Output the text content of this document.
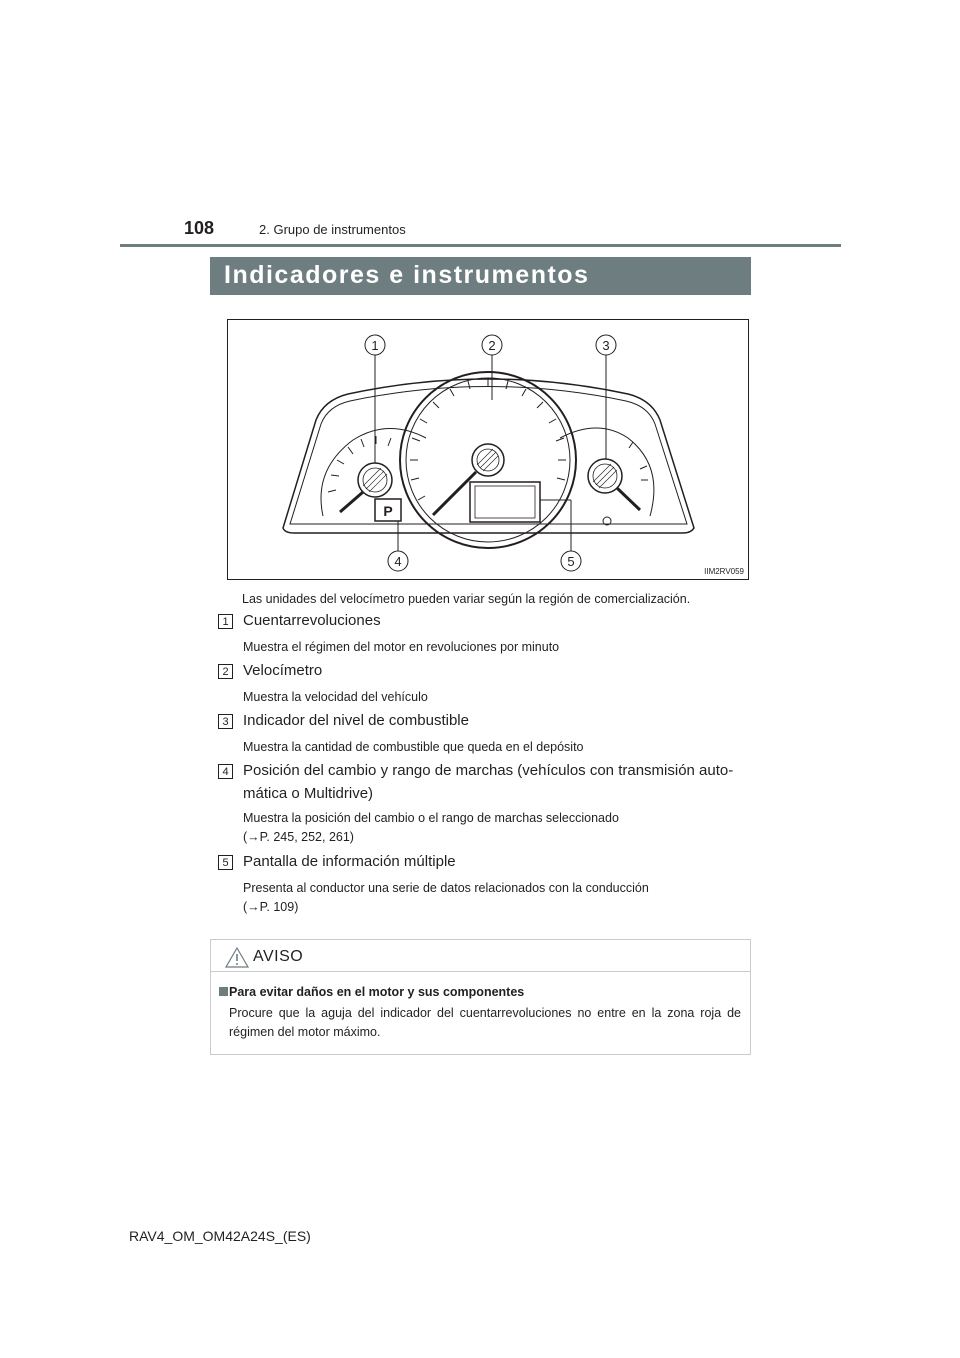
108	2. Grupo de instrumentos
Indicadores e instrumentos
1	2	3
4	5
P
IIM2RV059
Las unidades del velocímetro pueden variar según la región de comercialización.
1 Cuentarrevoluciones
Muestra el régimen del motor en revoluciones por minuto
2 Velocímetro
Muestra la velocidad del vehículo
3 Indicador del nivel de combustible
Muestra la cantidad de combustible que queda en el depósito
4 Posición del cambio y rango de marchas (vehículos con transmisión auto-
mática o Multidrive)
Muestra la posición del cambio o el rango de marchas seleccionado
(→P. 245, 252, 261)
5 Pantalla de información múltiple
Presenta al conductor una serie de datos relacionados con la conducción
(→P. 109)
AVISO
Para evitar daños en el motor y sus componentes
Procure que la aguja del indicador del cuentarrevoluciones no entre en la zona roja de régimen del motor máximo.
RAV4_OM_OM42A24S_(ES)
